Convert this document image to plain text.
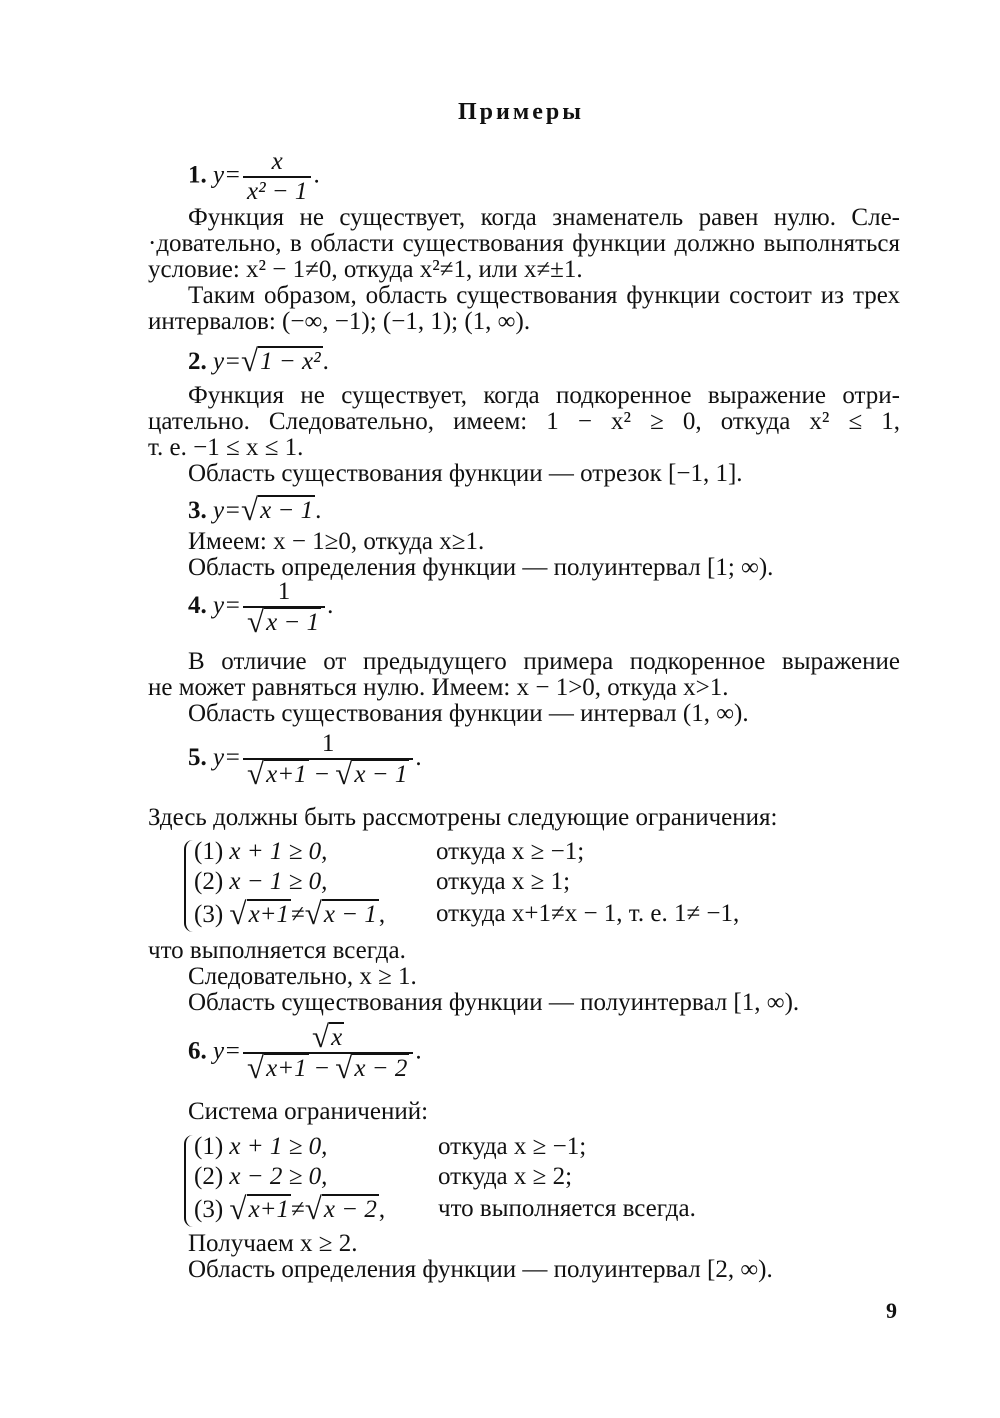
Примеры
1. $y= \frac{x}{\text{x² − 1}}$ .
Функция не существует, когда знаменатель равен нулю. Сле-
·довательно, в области существования функции должно выполняться
условие: x² − 1≠0, откуда x²≠1, или x≠±1.
Таким образом, область существования функции состоит из трех
интервалов: (−∞, −1); (−1, 1); (1, ∞).
2. y=√1 − x².
Функция не существует, когда подкоренное выражение отри-
цательно. Следовательно, имеем: 1 − x² ≥ 0, откуда x² ≤ 1,
т. е. −1 ≤ x ≤ 1.
Область существования функции — отрезок [−1, 1].
3. y=√x − 1.
Имеем: x − 1≥0, откуда x≥1.
Область определения функции — полуинтервал [1; ∞).
4. $y= \frac{1}{√x - 1}$ .
В отличие от предыдущего примера подкоренное выражение
не может равняться нулю. Имеем: x − 1>0, откуда x>1.
Область существования функции — интервал (1, ∞).
5. $y= \frac{1}{√x+1 - √x - 1}$ .
Здесь должны быть рассмотрены следующие ограничения:
(1) x + 1 ≥ 0,	откуда x ≥ −1;
(2) x − 1 ≥ 0,	откуда x ≥ 1;
(3) √x+1≠√x − 1, откуда x+1≠x − 1, т. е. 1≠ −1,
что выполняется всегда.
Следовательно, x ≥ 1.
Область существования функции — полуинтервал [1, ∞).
6. $y= \frac{√x}{√x+1 - √x - 2}$ .
Система ограничений:
(1) x + 1 ≥ 0,	откуда x ≥ −1;
(2) x − 2 ≥ 0,	откуда x ≥ 2;
(3) √x+1≠√x − 2, что выполняется всегда.
Получаем x ≥ 2.
Область определения функции — полуинтервал [2, ∞).
9
